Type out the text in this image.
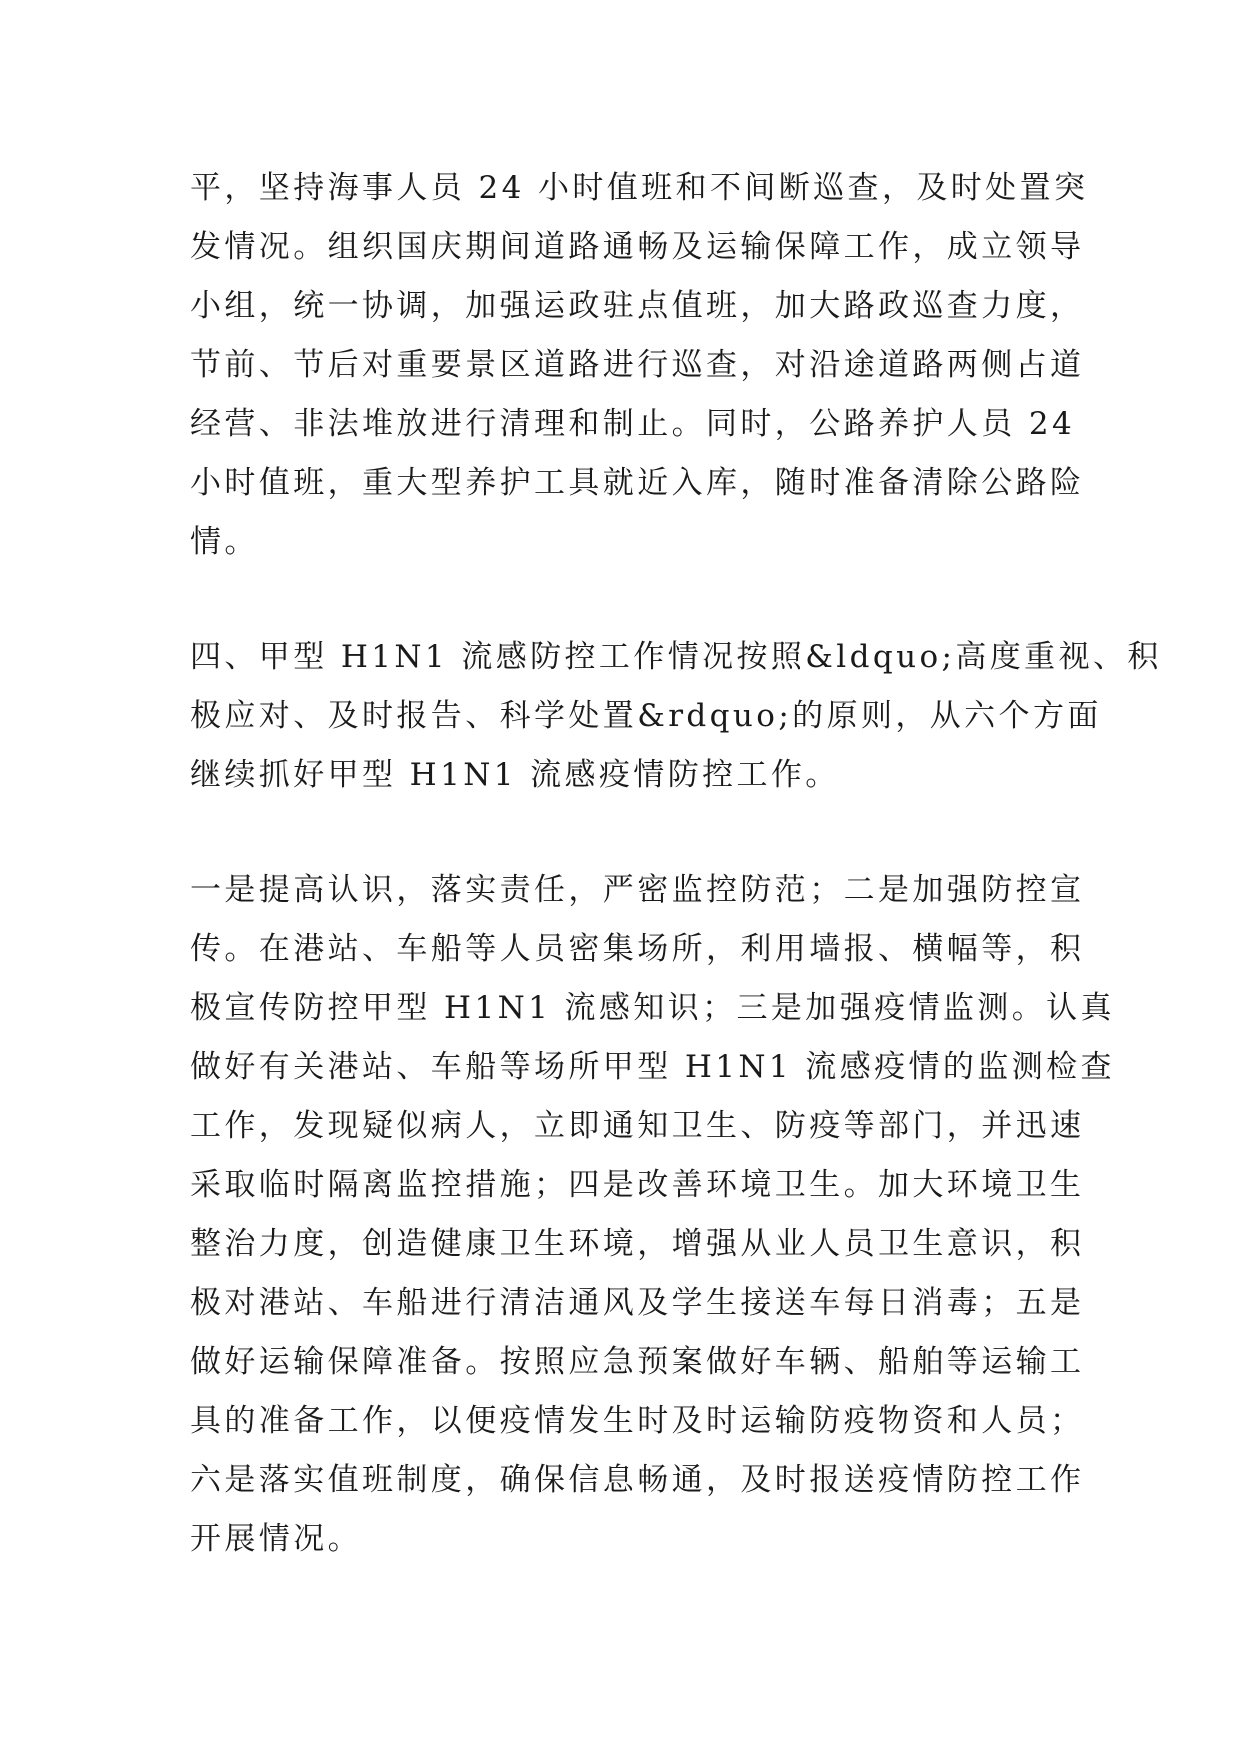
平，坚持海事人员 24 小时值班和不间断巡查，及时处置突

发情况。组织国庆期间道路通畅及运输保障工作，成立领导

小组，统一协调，加强运政驻点值班，加大路政巡查力度，

节前、节后对重要景区道路进行巡查，对沿途道路两侧占道

经营、非法堆放进行清理和制止。同时，公路养护人员 24

小时值班，重大型养护工具就近入库，随时准备清除公路险

情。

四、甲型 H1N1 流感防控工作情况按照&ldquo;高度重视、积

极应对、及时报告、科学处置&rdquo;的原则，从六个方面

继续抓好甲型 H1N1 流感疫情防控工作。

一是提高认识，落实责任，严密监控防范；二是加强防控宣

传。在港站、车船等人员密集场所，利用墙报、横幅等，积

极宣传防控甲型 H1N1 流感知识；三是加强疫情监测。认真

做好有关港站、车船等场所甲型 H1N1 流感疫情的监测检查

工作，发现疑似病人，立即通知卫生、防疫等部门，并迅速

采取临时隔离监控措施；四是改善环境卫生。加大环境卫生

整治力度，创造健康卫生环境，增强从业人员卫生意识，积

极对港站、车船进行清洁通风及学生接送车每日消毒；五是

做好运输保障准备。按照应急预案做好车辆、船舶等运输工

具的准备工作，以便疫情发生时及时运输防疫物资和人员；

六是落实值班制度，确保信息畅通，及时报送疫情防控工作

开展情况。
